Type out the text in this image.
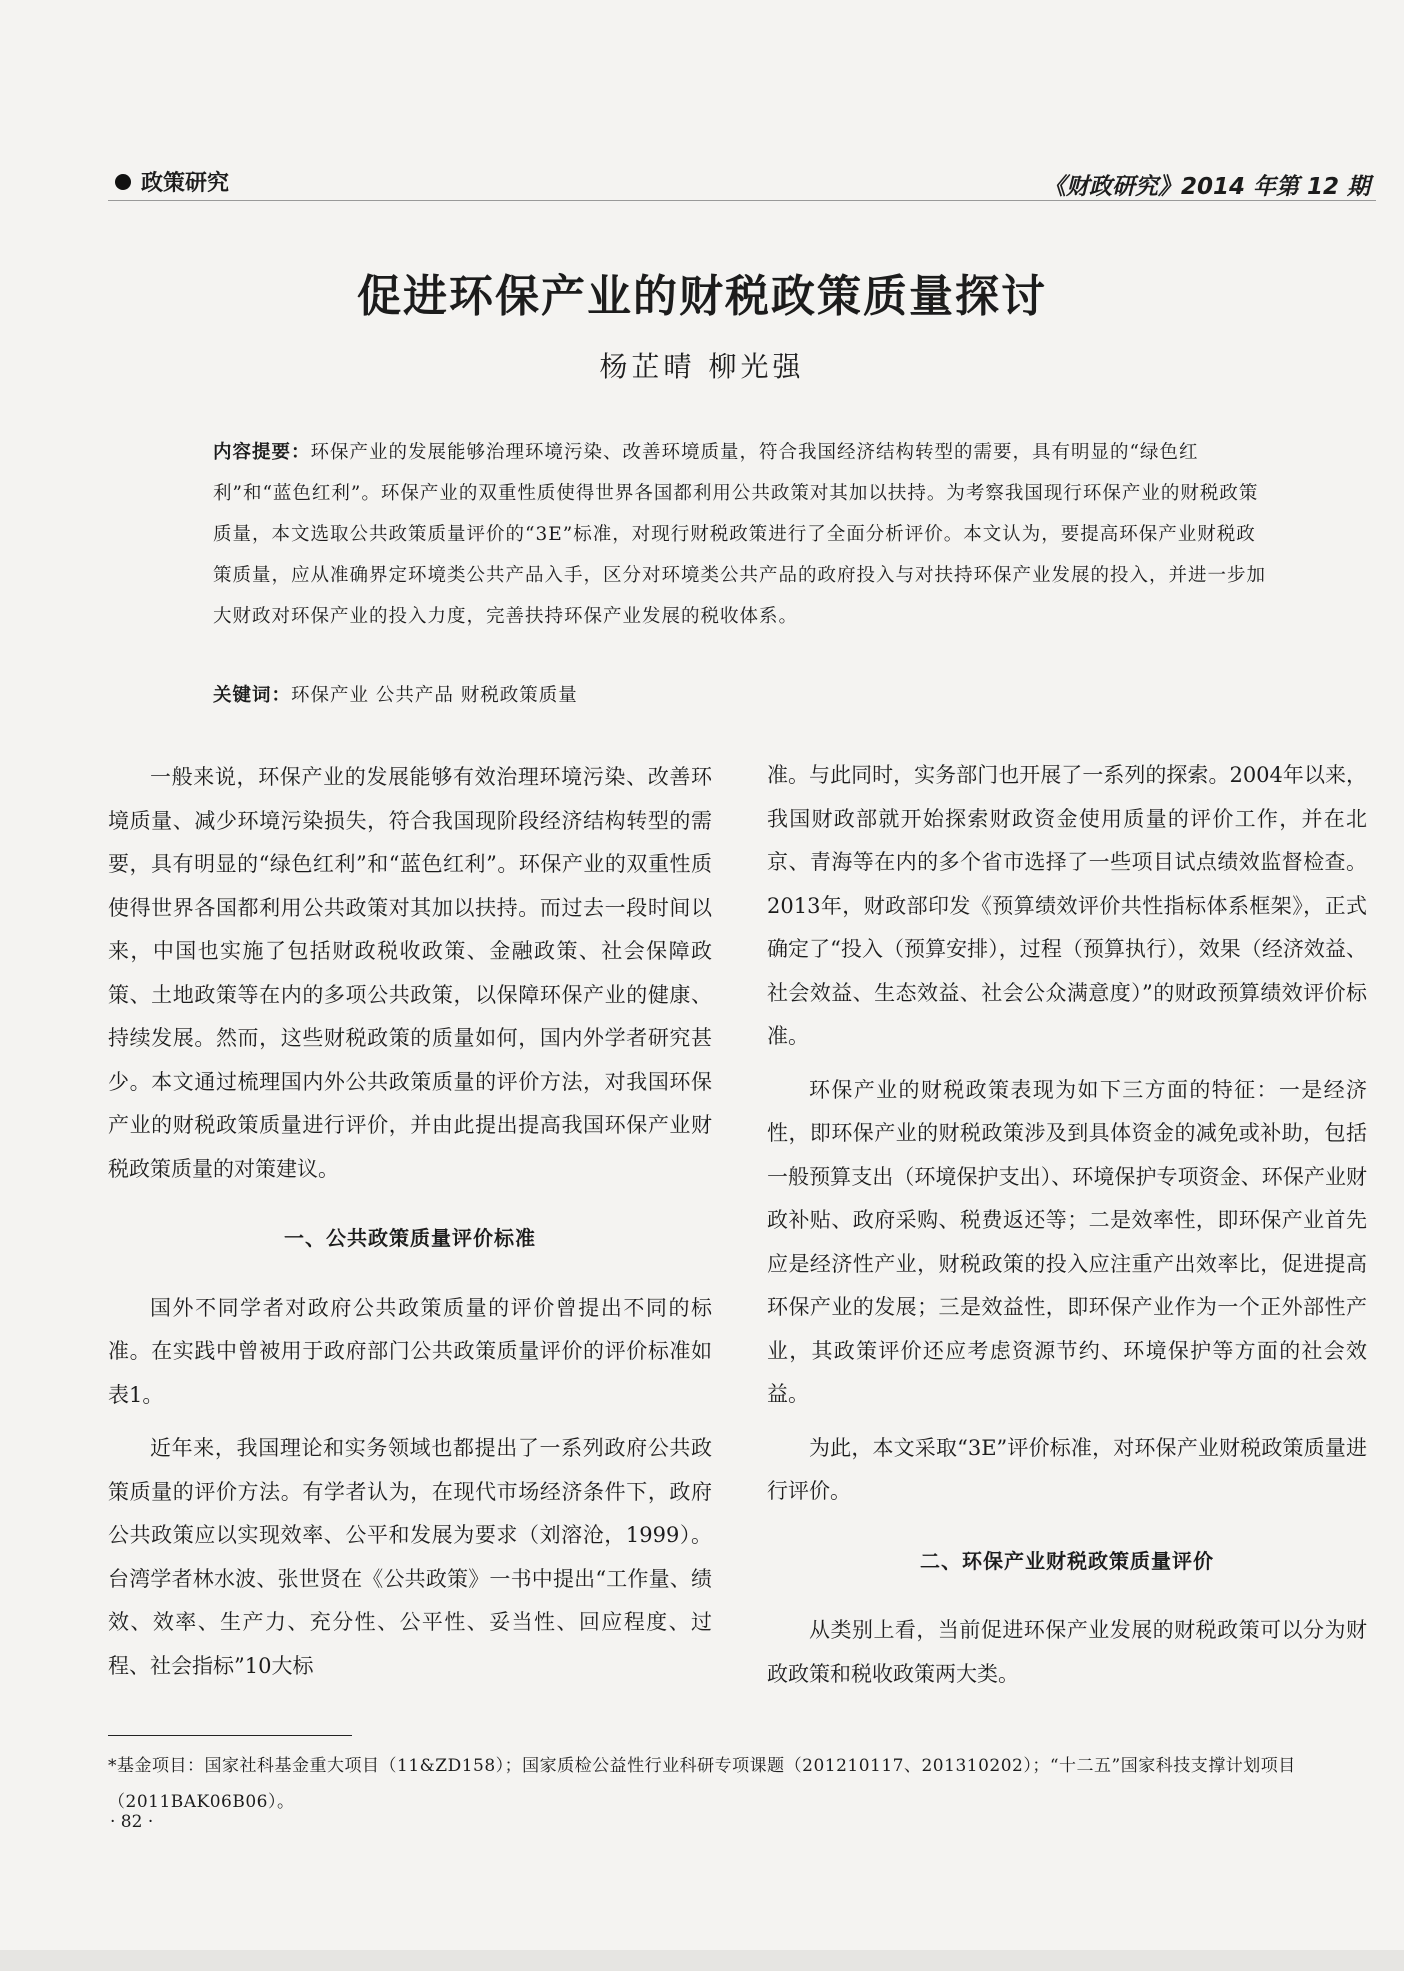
政策研究	《财政研究》2014 年第 12 期
促进环保产业的财税政策质量探讨
杨芷晴 柳光强
内容提要：环保产业的发展能够治理环境污染、改善环境质量，符合我国经济结构转型的需要，具有明显的“绿色红利”和“蓝色红利”。环保产业的双重性质使得世界各国都利用公共政策对其加以扶持。为考察我国现行环保产业的财税政策质量，本文选取公共政策质量评价的“3E”标准，对现行财税政策进行了全面分析评价。本文认为，要提高环保产业财税政策质量，应从准确界定环境类公共产品入手，区分对环境类公共产品的政府投入与对扶持环保产业发展的投入，并进一步加大财政对环保产业的投入力度，完善扶持环保产业发展的税收体系。
关键词：环保产业 公共产品 财税政策质量

一般来说，环保产业的发展能够有效治理环境污染、改善环境质量、减少环境污染损失，符合我国现阶段经济结构转型的需要，具有明显的“绿色红利”和“蓝色红利”。环保产业的双重性质使得世界各国都利用公共政策对其加以扶持。而过去一段时间以来，中国也实施了包括财政税收政策、金融政策、社会保障政策、土地政策等在内的多项公共政策，以保障环保产业的健康、持续发展。然而，这些财税政策的质量如何，国内外学者研究甚少。本文通过梳理国内外公共政策质量的评价方法，对我国环保产业的财税政策质量进行评价，并由此提出提高我国环保产业财税政策质量的对策建议。

一、公共政策质量评价标准

国外不同学者对政府公共政策质量的评价曾提出不同的标准。在实践中曾被用于政府部门公共政策质量评价的评价标准如表1。

近年来，我国理论和实务领域也都提出了一系列政府公共政策质量的评价方法。有学者认为，在现代市场经济条件下，政府公共政策应以实现效率、公平和发展为要求（刘溶沧，1999）。台湾学者林水波、张世贤在《公共政策》一书中提出“工作量、绩效、效率、生产力、充分性、公平性、妥当性、回应程度、过程、社会指标”10大标

准。与此同时，实务部门也开展了一系列的探索。2004年以来，我国财政部就开始探索财政资金使用质量的评价工作，并在北京、青海等在内的多个省市选择了一些项目试点绩效监督检查。2013年，财政部印发《预算绩效评价共性指标体系框架》，正式确定了“投入（预算安排），过程（预算执行），效果（经济效益、社会效益、生态效益、社会公众满意度）”的财政预算绩效评价标准。

环保产业的财税政策表现为如下三方面的特征：一是经济性，即环保产业的财税政策涉及到具体资金的减免或补助，包括一般预算支出（环境保护支出）、环境保护专项资金、环保产业财政补贴、政府采购、税费返还等；二是效率性，即环保产业首先应是经济性产业，财税政策的投入应注重产出效率比，促进提高环保产业的发展；三是效益性，即环保产业作为一个正外部性产业，其政策评价还应考虑资源节约、环境保护等方面的社会效益。

为此，本文采取“3E”评价标准，对环保产业财税政策质量进行评价。

二、环保产业财税政策质量评价

从类别上看，当前促进环保产业发展的财税政策可以分为财政政策和税收政策两大类。

*基金项目：国家社科基金重大项目（11&ZD158）；国家质检公益性行业科研专项课题（201210117、201310202）；“十二五”国家科技支撑计划项目（2011BAK06B06）。
· 82 ·
